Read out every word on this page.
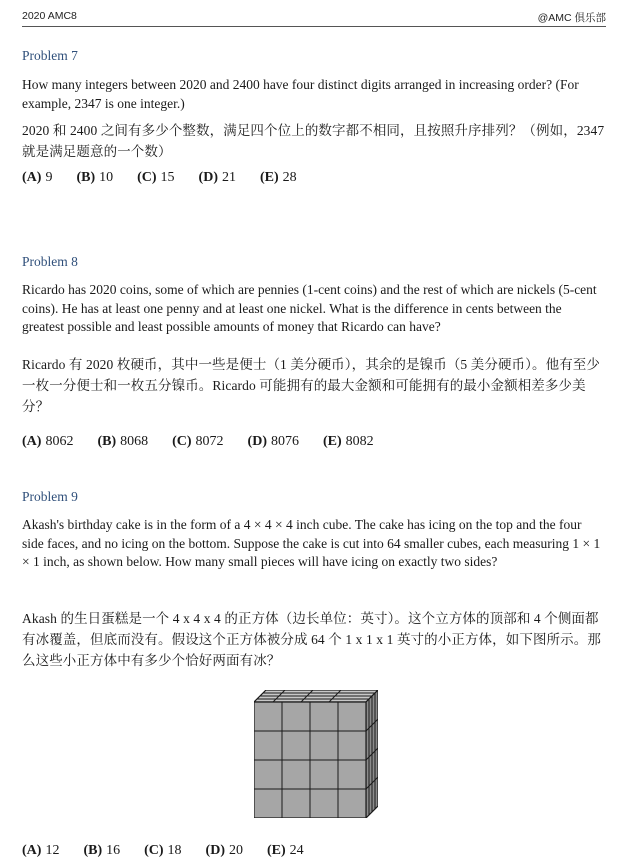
2020 AMC8	@AMC 俱乐部
Problem 7

How many integers between 2020 and 2400 have four distinct digits arranged in increasing order? (For example, 2347 is one integer.)

2020 和 2400 之间有多少个整数，满足四个位上的数字都不相同，且按照升序排列？（例如，2347 就是满足题意的一个数）

(A) 9 (B) 10 (C) 15 (D) 21 (E) 28
Problem 8

Ricardo has 2020 coins, some of which are pennies (1-cent coins) and the rest of which are nickels (5-cent coins). He has at least one penny and at least one nickel. What is the difference in cents between the greatest possible and least possible amounts of money that Ricardo can have?

Ricardo 有 2020 枚硬币，其中一些是便士（1 美分硬币），其余的是镍币（5 美分硬币）。他有至少一枚一分便士和一枚五分镍币。Ricardo 可能拥有的最大金额和可能拥有的最小金额相差多少美分？

(A) 8062 (B) 8068 (C) 8072 (D) 8076 (E) 8082
Problem 9

Akash's birthday cake is in the form of a 4 × 4 × 4 inch cube. The cake has icing on the top and the four side faces, and no icing on the bottom. Suppose the cake is cut into 64 smaller cubes, each measuring 1 × 1 × 1 inch, as shown below. How many small pieces will have icing on exactly two sides?

Akash 的生日蛋糕是一个 4 x 4 x 4 的正方体（边长单位：英寸）。这个立方体的顶部和 4 个侧面都有冰覆盖，但底而没有。假设这个正方体被分成 64 个 1 x 1 x 1 英寸的小正方体，如下图所示。那么这些小正方体中有多少个恰好两面有冰？

(A) 12 (B) 16 (C) 18 (D) 20 (E) 24
